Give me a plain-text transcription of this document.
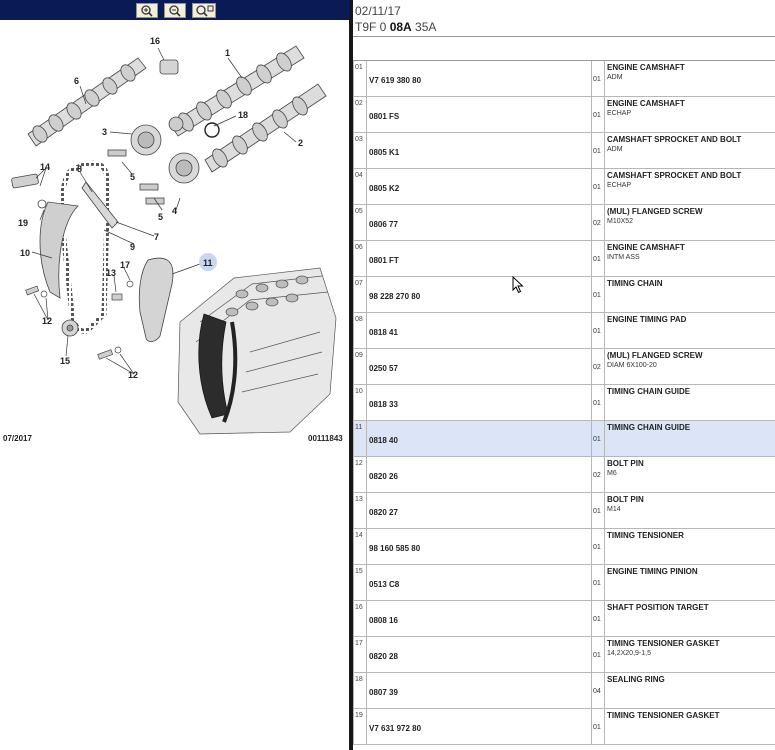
16
1
6
18
3
2
14	8
5
5
4
19
9
7
10
17
13
11
12
15
12
07/2017	00111843
02/11/17
T9F 0 08A 35A
01
V7 619 380 80	01
ENGINE CAMSHAFT
ADM
02
0801 FS	01
ENGINE CAMSHAFT
ECHAP
03
0805 K1	01
CAMSHAFT SPROCKET AND BOLT
ADM
04
0805 K2	01
CAMSHAFT SPROCKET AND BOLT
ECHAP
05
0806 77	02
(MUL) FLANGED SCREW
M10X52
06
0801 FT	01
ENGINE CAMSHAFT
INTM ASS
07
98 228 270 80	01
TIMING CHAIN
08
0818 41	01
ENGINE TIMING PAD
09
0250 57	02
(MUL) FLANGED SCREW
DIAM 6X100-20
10
0818 33	01
TIMING CHAIN GUIDE
11
0818 40	01
TIMING CHAIN GUIDE
12
0820 26	02
BOLT PIN
M6
13
0820 27	01
BOLT PIN
M14
14
98 160 585 80	01
TIMING TENSIONER
15
0513 C8	01
ENGINE TIMING PINION
16
0808 16	01
SHAFT POSITION TARGET
17
0820 28	01
TIMING TENSIONER GASKET
14,2X20,9-1,5
18
0807 39	04
SEALING RING
19
V7 631 972 80	01
TIMING TENSIONER GASKET
